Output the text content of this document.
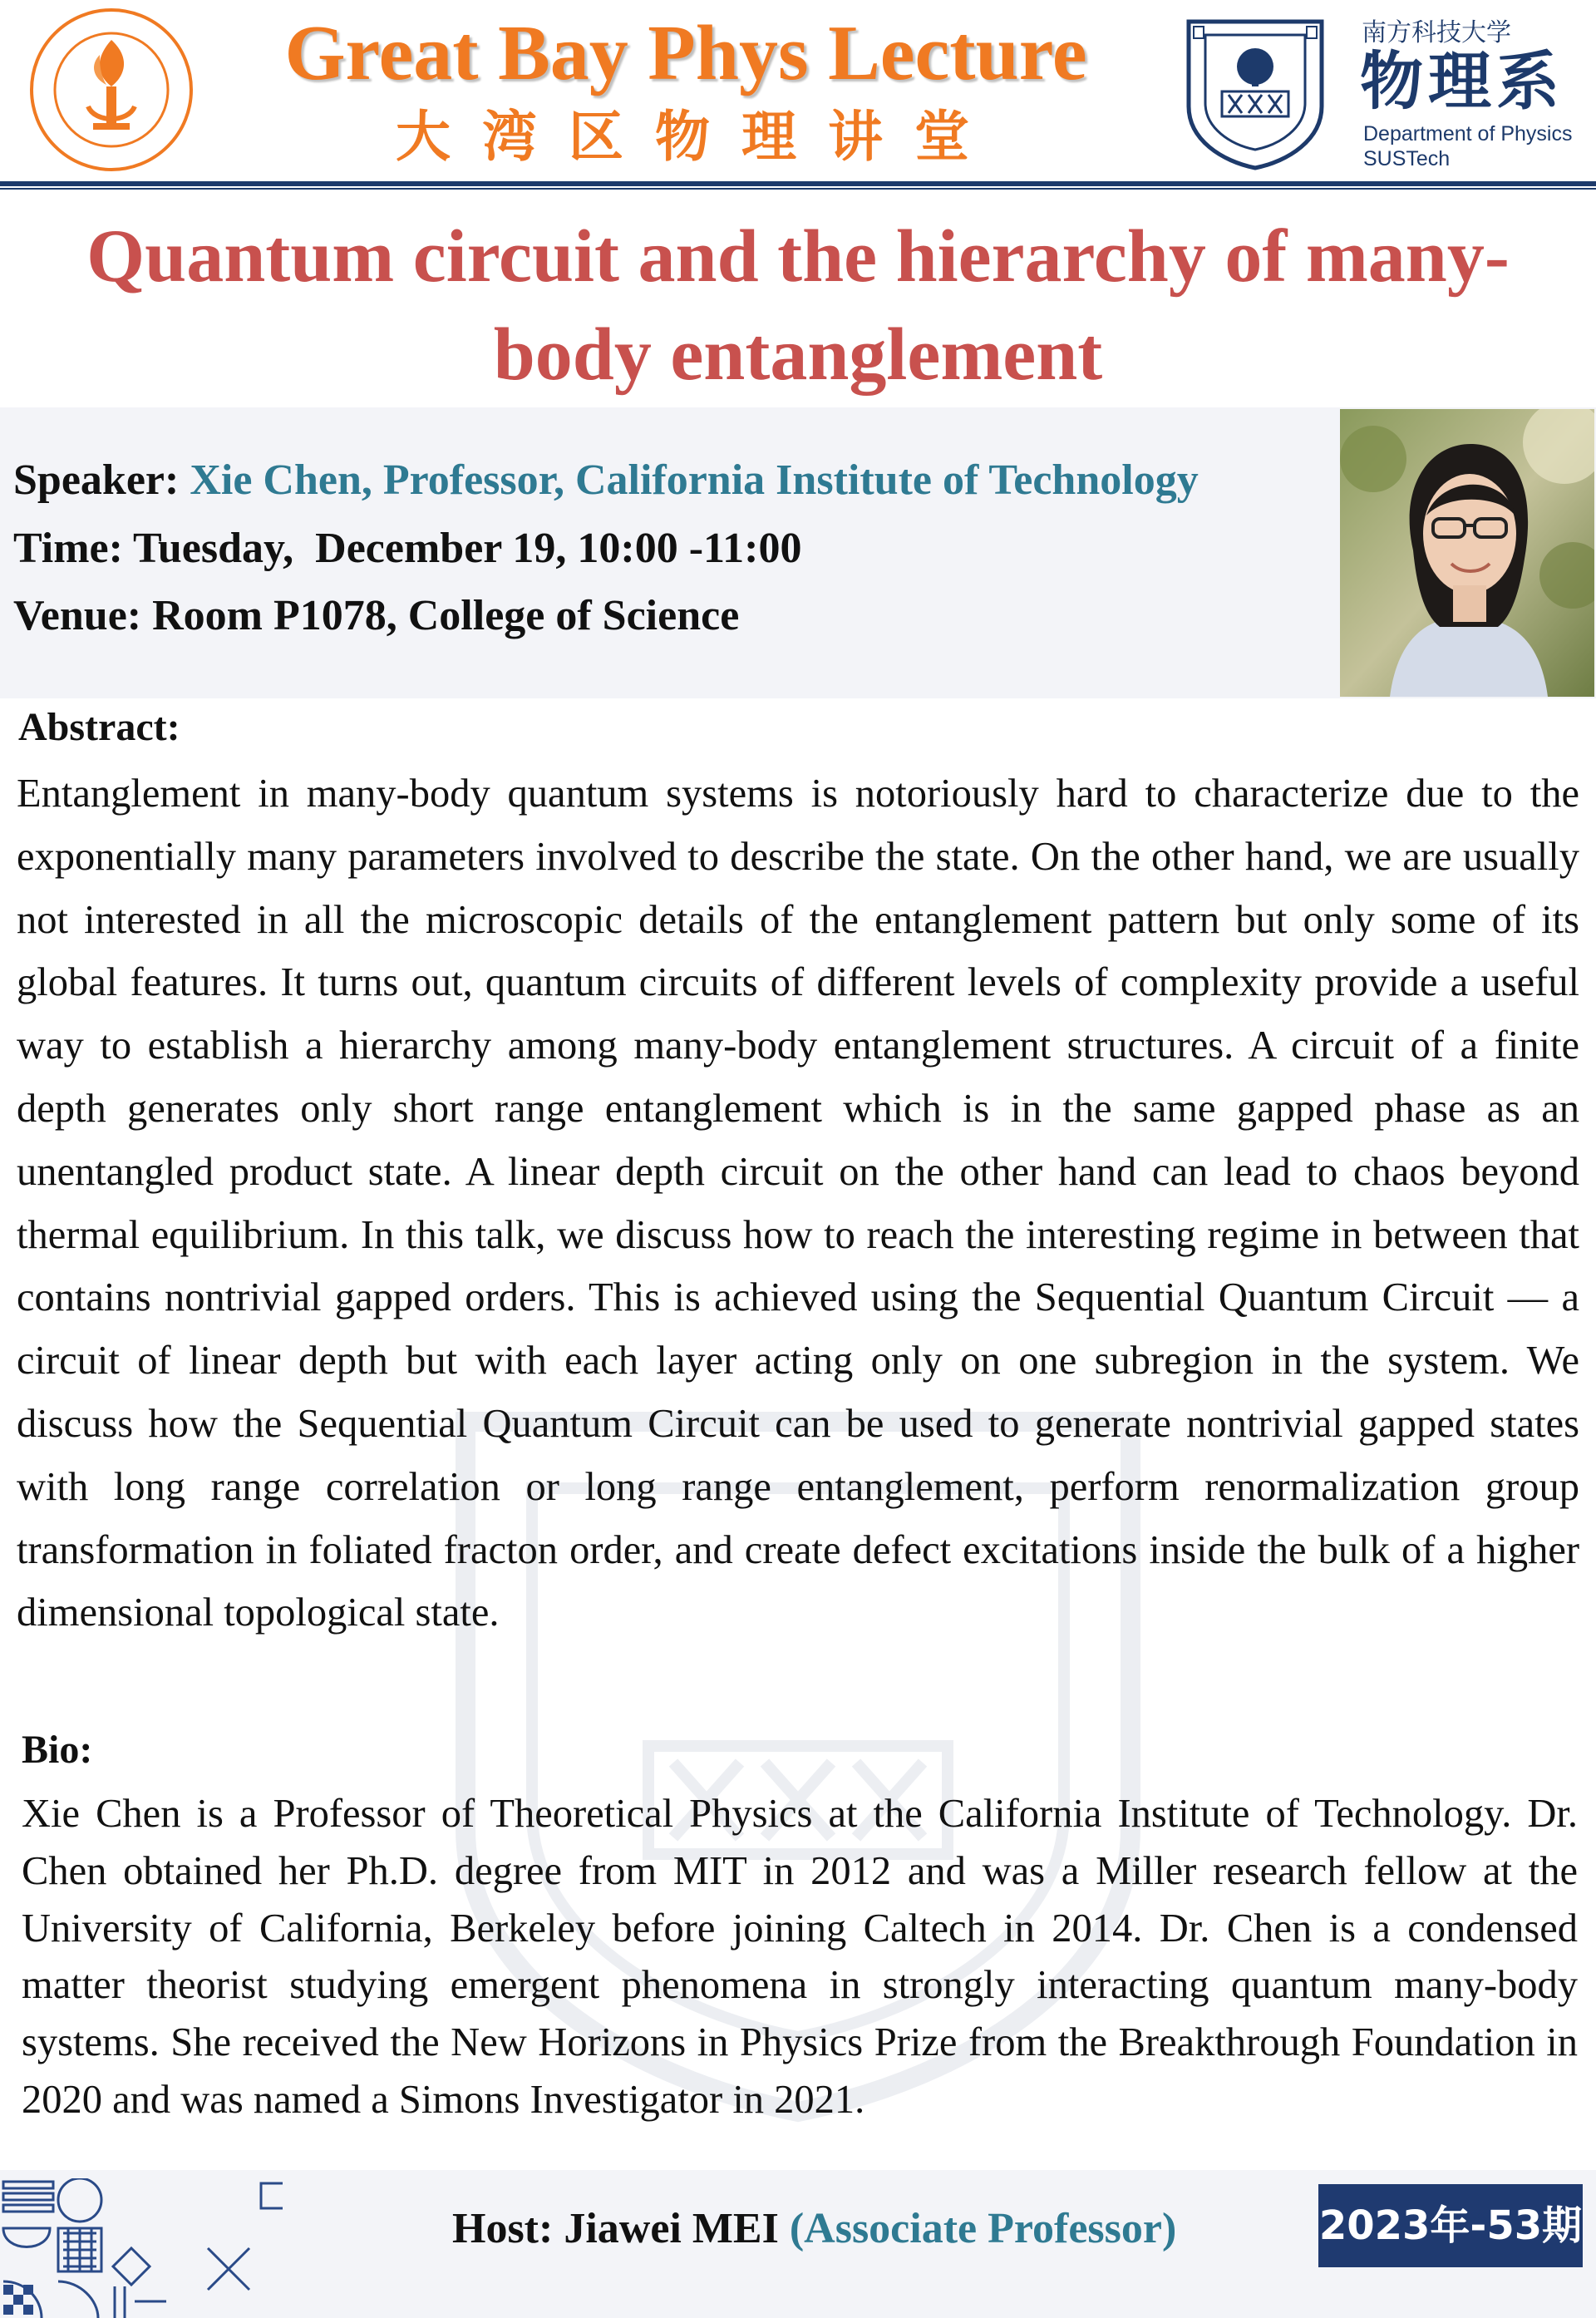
Great Bay Phys Lecture
大湾区物理讲堂
南方科技大学
物理系
Department of Physics
SUSTech
Quantum circuit and the hierarchy of many-body entanglement
Speaker: Xie Chen, Professor, California Institute of Technology
Time: Tuesday,  December 19, 10:00 -11:00
Venue: Room P1078, College of Science
Abstract:
Entanglement in many-body quantum systems is notoriously hard to characterize due to the exponentially many parameters involved to describe the state. On the other hand, we are usually not interested in all the microscopic details of the entanglement pattern but only some of its global features. It turns out, quantum circuits of different levels of complexity provide a useful way to establish a hierarchy among many-body entanglement structures. A circuit of a finite depth generates only short range entanglement which is in the same gapped phase as an unentangled product state. A linear depth circuit on the other hand can lead to chaos beyond thermal equilibrium. In this talk, we discuss how to reach the interesting regime in between that contains nontrivial gapped orders. This is achieved using the Sequential Quantum Circuit — a circuit of linear depth but with each layer acting only on one subregion in the system. We discuss how the Sequential Quantum Circuit can be used to generate nontrivial gapped states with long range correlation or long range entanglement, perform renormalization group transformation in foliated fracton order, and create defect excitations inside the bulk of a higher dimensional topological state.
Bio:
Xie Chen is a Professor of Theoretical Physics at the California Institute of Technology. Dr. Chen obtained her Ph.D. degree from MIT in 2012 and was a Miller research fellow at the University of California, Berkeley before joining Caltech in 2014. Dr. Chen is a condensed matter theorist studying emergent phenomena in strongly interacting quantum many-body systems. She received the New Horizons in Physics Prize from the Breakthrough Foundation in 2020 and was named a Simons Investigator in 2021.
Host: Jiawei MEI (Associate Professor)	2023年-53期
